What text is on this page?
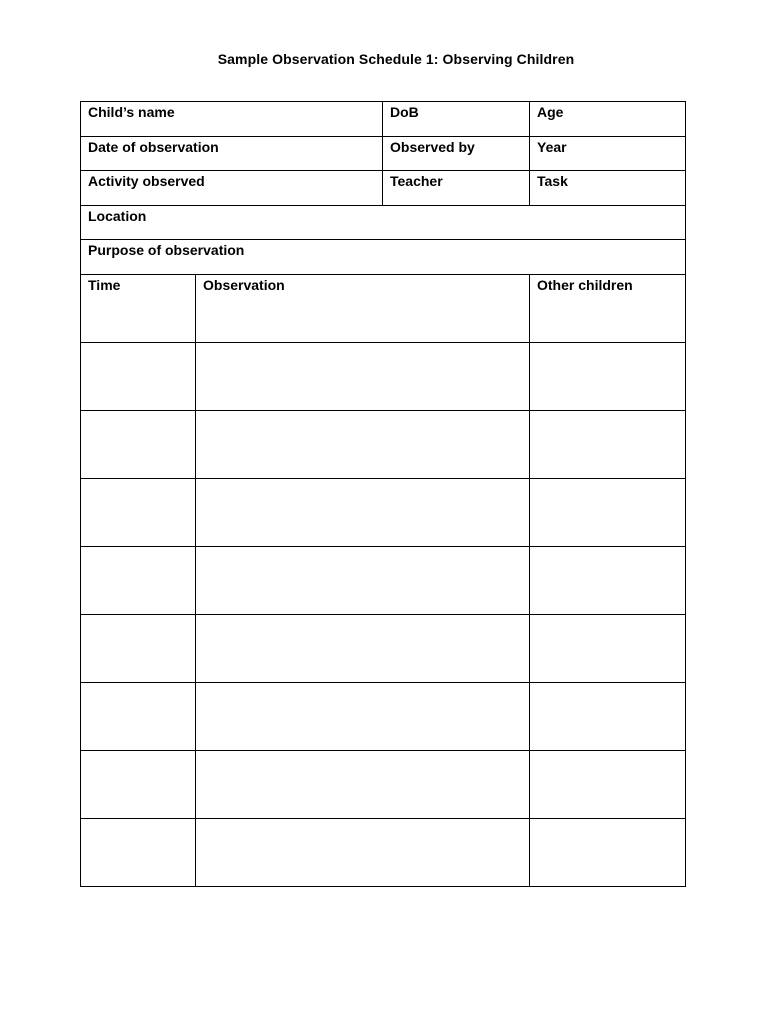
Sample Observation Schedule 1: Observing Children
Child’s name		DoB	Age
Date of observation		Observed by	Year
Activity observed		Teacher	Task
Location			
Purpose of observation			
Time	Observation		Other children
